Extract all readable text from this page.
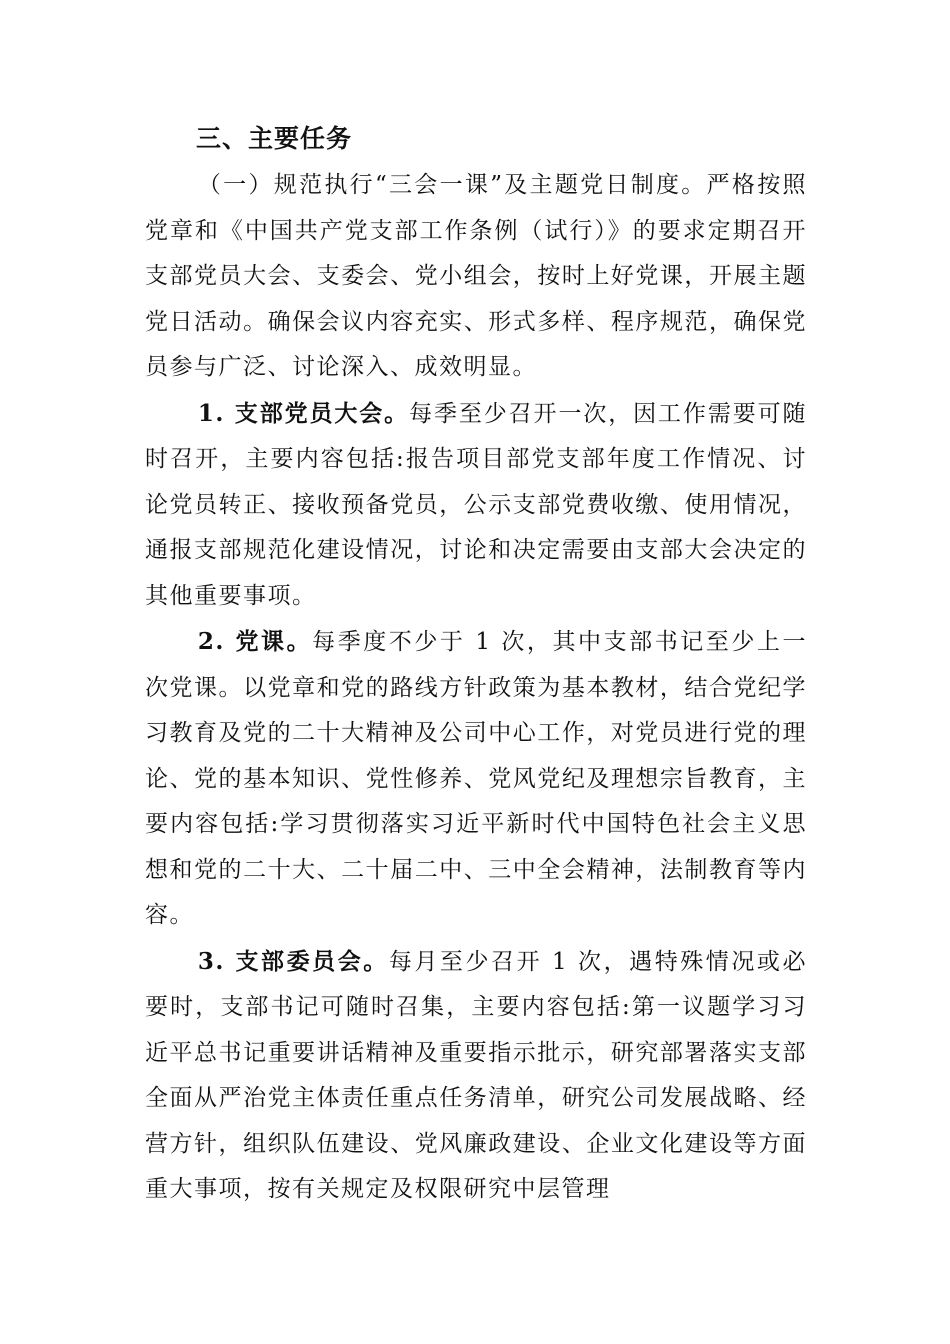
三、主要任务

（一）规范执行“三会一课”及主题党日制度。严格按照党章和《中国共产党支部工作条例（试行）》的要求定期召开支部党员大会、支委会、党小组会，按时上好党课，开展主题党日活动。确保会议内容充实、形式多样、程序规范，确保党员参与广泛、讨论深入、成效明显。

1. 支部党员大会。每季至少召开一次，因工作需要可随时召开，主要内容包括:报告项目部党支部年度工作情况、讨论党员转正、接收预备党员，公示支部党费收缴、使用情况，通报支部规范化建设情况，讨论和决定需要由支部大会决定的其他重要事项。

2. 党课。每季度不少于 1 次，其中支部书记至少上一次党课。以党章和党的路线方针政策为基本教材，结合党纪学习教育及党的二十大精神及公司中心工作，对党员进行党的理论、党的基本知识、党性修养、党风党纪及理想宗旨教育，主要内容包括:学习贯彻落实习近平新时代中国特色社会主义思想和党的二十大、二十届二中、三中全会精神，法制教育等内容。

3. 支部委员会。每月至少召开 1 次，遇特殊情况或必要时，支部书记可随时召集，主要内容包括:第一议题学习习近平总书记重要讲话精神及重要指示批示，研究部署落实支部全面从严治党主体责任重点任务清单，研究公司发展战略、经营方针，组织队伍建设、党风廉政建设、企业文化建设等方面重大事项，按有关规定及权限研究中层管理
